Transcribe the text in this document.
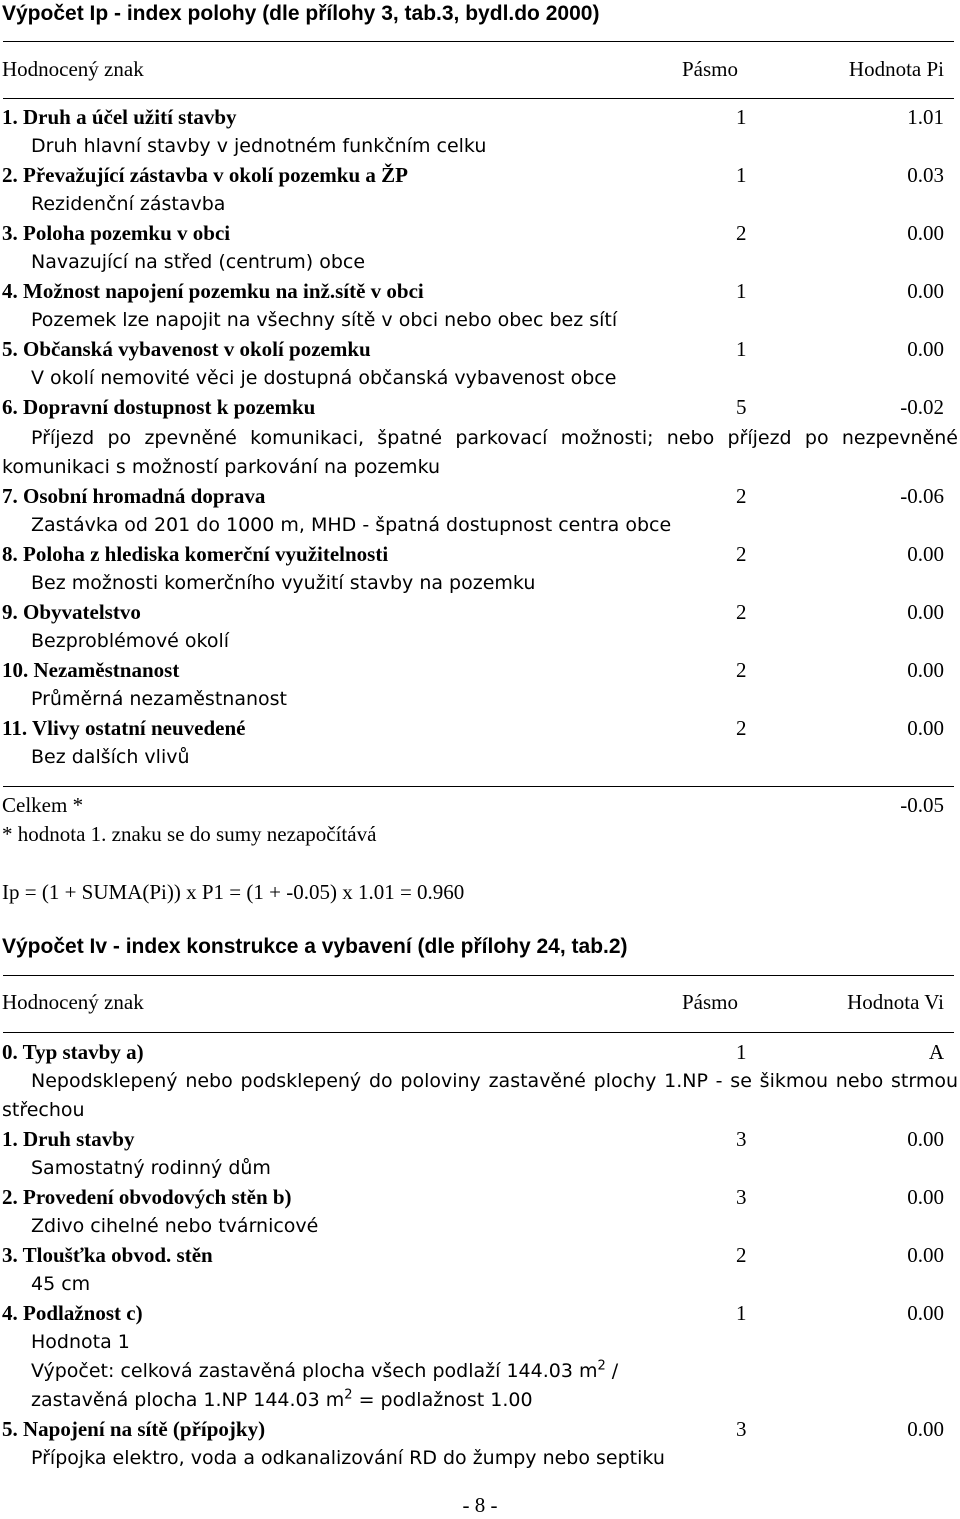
Výpočet Ip - index polohy (dle přílohy 3, tab.3, bydl.do 2000)
Hodnocený znak	Pásmo	Hodnota Pi
1. Druh a účel užití stavby	1	1.01
Druh hlavní stavby v jednotném funkčním celku
2. Převažující zástavba v okolí pozemku a ŽP	1	0.03
Rezidenční zástavba
3. Poloha pozemku v obci	2	0.00
Navazující na střed (centrum) obce
4. Možnost napojení pozemku na inž.sítě v obci	1	0.00
Pozemek lze napojit na všechny sítě v obci nebo obec bez sítí
5. Občanská vybavenost v okolí pozemku	1	0.00
V okolí nemovité věci je dostupná občanská vybavenost obce
6. Dopravní dostupnost k pozemku	5	-0.02
Příjezd po zpevněné komunikaci, špatné parkovací možnosti; nebo příjezd po nezpevněné komunikaci s možností parkování na pozemku
7. Osobní hromadná doprava	2	-0.06
Zastávka od 201 do 1000 m, MHD - špatná dostupnost centra obce
8. Poloha z hlediska komerční využitelnosti	2	0.00
Bez možnosti komerčního využití stavby na pozemku
9. Obyvatelstvo	2	0.00
Bezproblémové okolí
10. Nezaměstnanost	2	0.00
Průměrná nezaměstnanost
11. Vlivy ostatní neuvedené	2	0.00
Bez dalších vlivů
Celkem *	-0.05
* hodnota 1. znaku se do sumy nezapočítává
Ip = (1 + SUMA(Pi)) x P1 = (1 + -0.05) x 1.01 = 0.960
Výpočet Iv - index konstrukce a vybavení (dle přílohy 24, tab.2)
Hodnocený znak	Pásmo	Hodnota Vi
0. Typ stavby a)	1	A
Nepodsklepený nebo podsklepený do poloviny zastavěné plochy 1.NP - se šikmou nebo strmou střechou
1. Druh stavby	3	0.00
Samostatný rodinný dům
2. Provedení obvodových stěn b)	3	0.00
Zdivo cihelné nebo tvárnicové
3. Tloušťka obvod. stěn	2	0.00
45 cm
4. Podlažnost c)	1	0.00
Hodnota 1
Výpočet: celková zastavěná plocha všech podlaží 144.03 $m^2$ /
zastavěná plocha 1.NP 144.03 $m^2$ = podlažnost 1.00
5. Napojení na sítě (přípojky)	3	0.00
Přípojka elektro, voda a odkanalizování RD do žumpy nebo septiku
- 8 -
